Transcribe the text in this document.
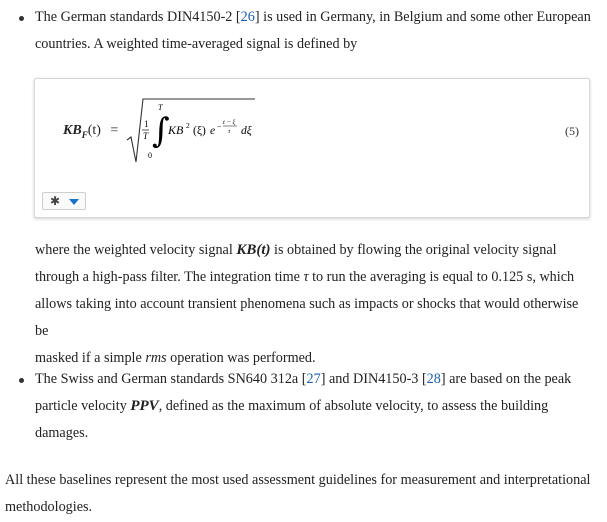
The German standards DIN4150-2 [26] is used in Germany, in Belgium and some other European
countries. A weighted time-averaged signal is defined by
$KB_F(t)$ =	1
T ∫
T
0
KB 2 (ξ) e − t − ξ
τ dξ	(5)
✱
where the weighted velocity signal KB(t) is obtained by flowing the original velocity signal
through a high-pass filter. The integration time τ to run the averaging is equal to 0.125 s, which
allows taking into account transient phenomena such as impacts or shocks that would otherwise be
masked if a simple rms operation was performed.
The Swiss and German standards SN640 312a [27] and DIN4150-3 [28] are based on the peak
particle velocity PPV, defined as the maximum of absolute velocity, to assess the building
damages.
All these baselines represent the most used assessment guidelines for measurement and interpretational
methodologies.
